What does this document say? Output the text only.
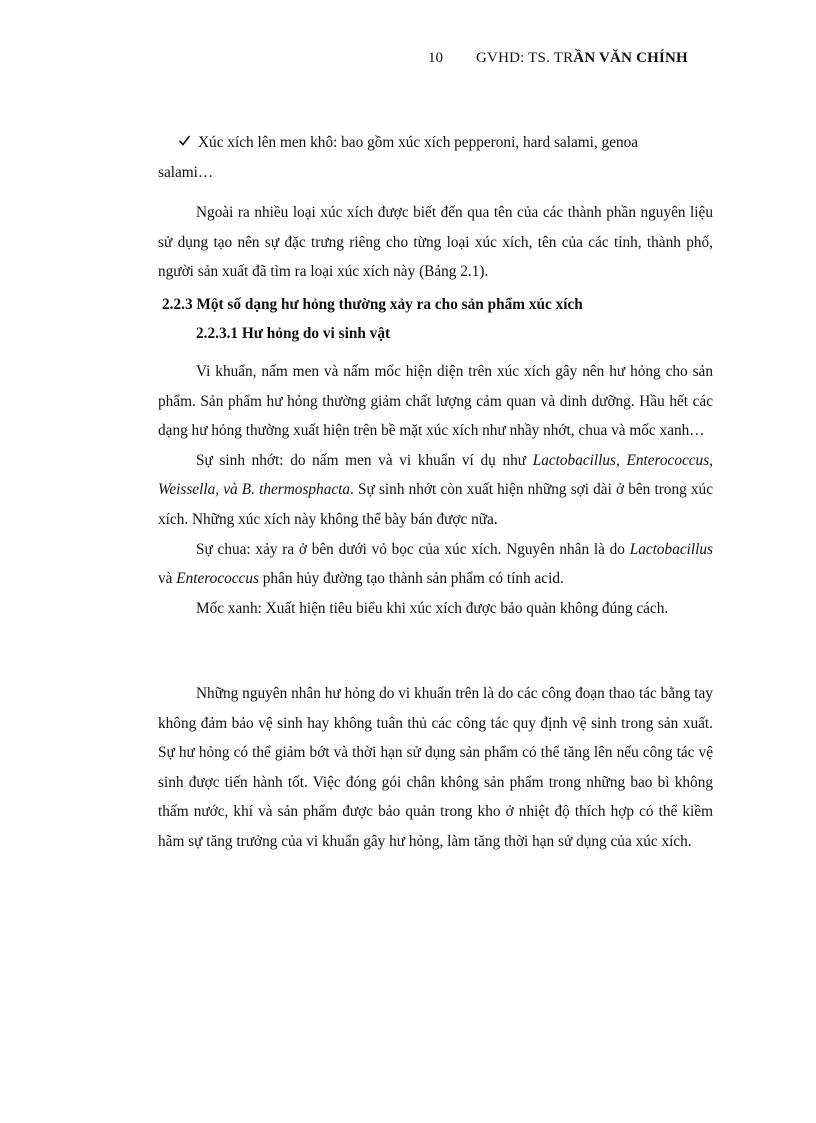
10 GVHD: TS. TRẦN VĂN CHÍNH

Xúc xích lên men khô: bao gồm xúc xích pepperoni, hard salami, genoa

salami…

Ngoài ra nhiều loại xúc xích được biết đến qua tên của các thành phần nguyên liệu sử dụng tạo nên sự đặc trưng riêng cho từng loại xúc xích, tên của các tỉnh, thành phố, người sản xuất đã tìm ra loại xúc xích này (Bảng 2.1).

2.2.3 Một số dạng hư hỏng thường xảy ra cho sản phẩm xúc xích

2.2.3.1 Hư hỏng do vi sinh vật

Vi khuẩn, nấm men và nấm mốc hiện diện trên xúc xích gây nên hư hỏng cho sản phẩm. Sản phẩm hư hỏng thường giảm chất lượng cảm quan và dinh dưỡng. Hầu hết các dạng hư hỏng thường xuất hiện trên bề mặt xúc xích như nhầy nhớt, chua và mốc xanh…

Sự sinh nhớt: do nấm men và vi khuẩn ví dụ như Lactobacillus, Enterococcus, Weissella, và B. thermosphacta. Sự sinh nhớt còn xuất hiện những sợi dài ở bên trong xúc xích. Những xúc xích này không thể bày bán được nữa.

Sự chua: xảy ra ở bên dưới vỏ bọc của xúc xích. Nguyên nhân là do Lactobacillus và Enterococcus phân hủy đường tạo thành sản phẩm có tính acid.

Mốc xanh: Xuất hiện tiêu biểu khi xúc xích được bảo quản không đúng cách.

Những nguyên nhân hư hỏng do vi khuẩn trên là do các công đoạn thao tác bằng tay không đảm bảo vệ sinh hay không tuân thủ các công tác quy định vệ sinh trong sản xuất. Sự hư hỏng có thể giảm bớt và thời hạn sử dụng sản phẩm có thể tăng lên nếu công tác vệ sinh được tiến hành tốt. Việc đóng gói chân không sản phẩm trong những bao bì không thấm nước, khí và sản phẩm được bảo quản trong kho ở nhiệt độ thích hợp có thể kiềm hãm sự tăng trưởng của vi khuẩn gây hư hỏng, làm tăng thời hạn sử dụng của xúc xích.
